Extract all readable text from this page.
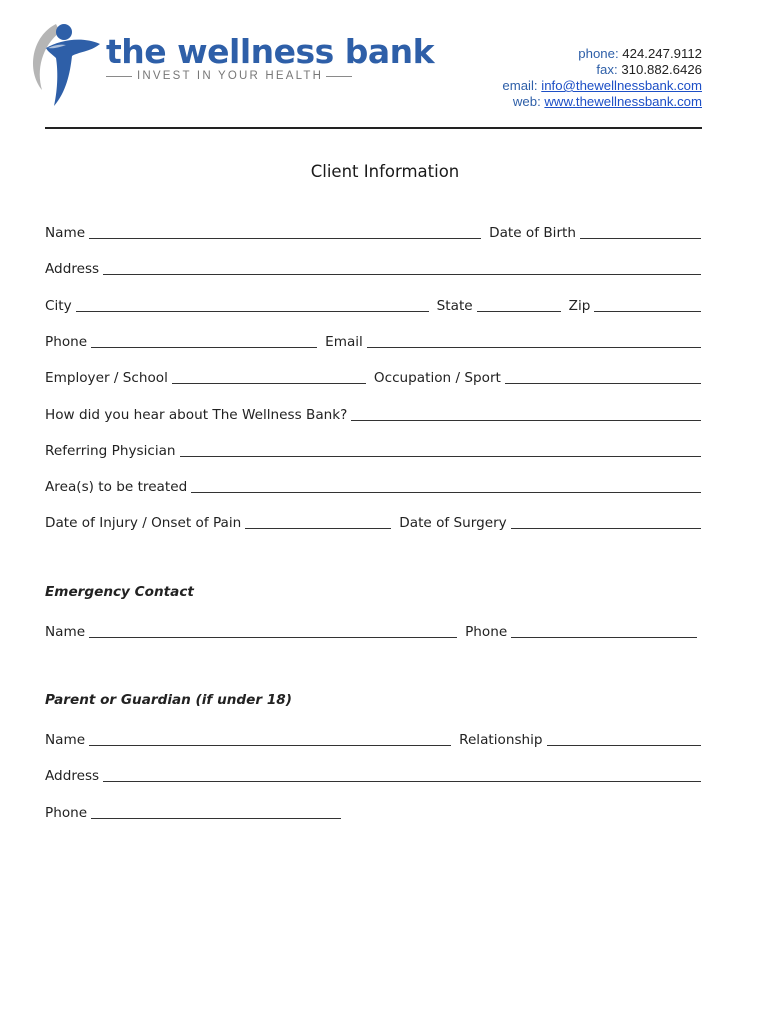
the wellness bank
INVEST IN YOUR HEALTH
phone: 424.247.9112
fax: 310.882.6426
email: info@thewellnessbank.com
web: www.thewellnessbank.com
Client Information
Name	Date of Birth
Address
City	State	Zip
Phone	Email
Employer / School	Occupation / Sport
How did you hear about The Wellness Bank?
Referring Physician
Area(s) to be treated
Date of Injury / Onset of Pain	Date of Surgery
Emergency Contact
Name	Phone
Parent or Guardian (if under 18)
Name	Relationship
Address
Phone
